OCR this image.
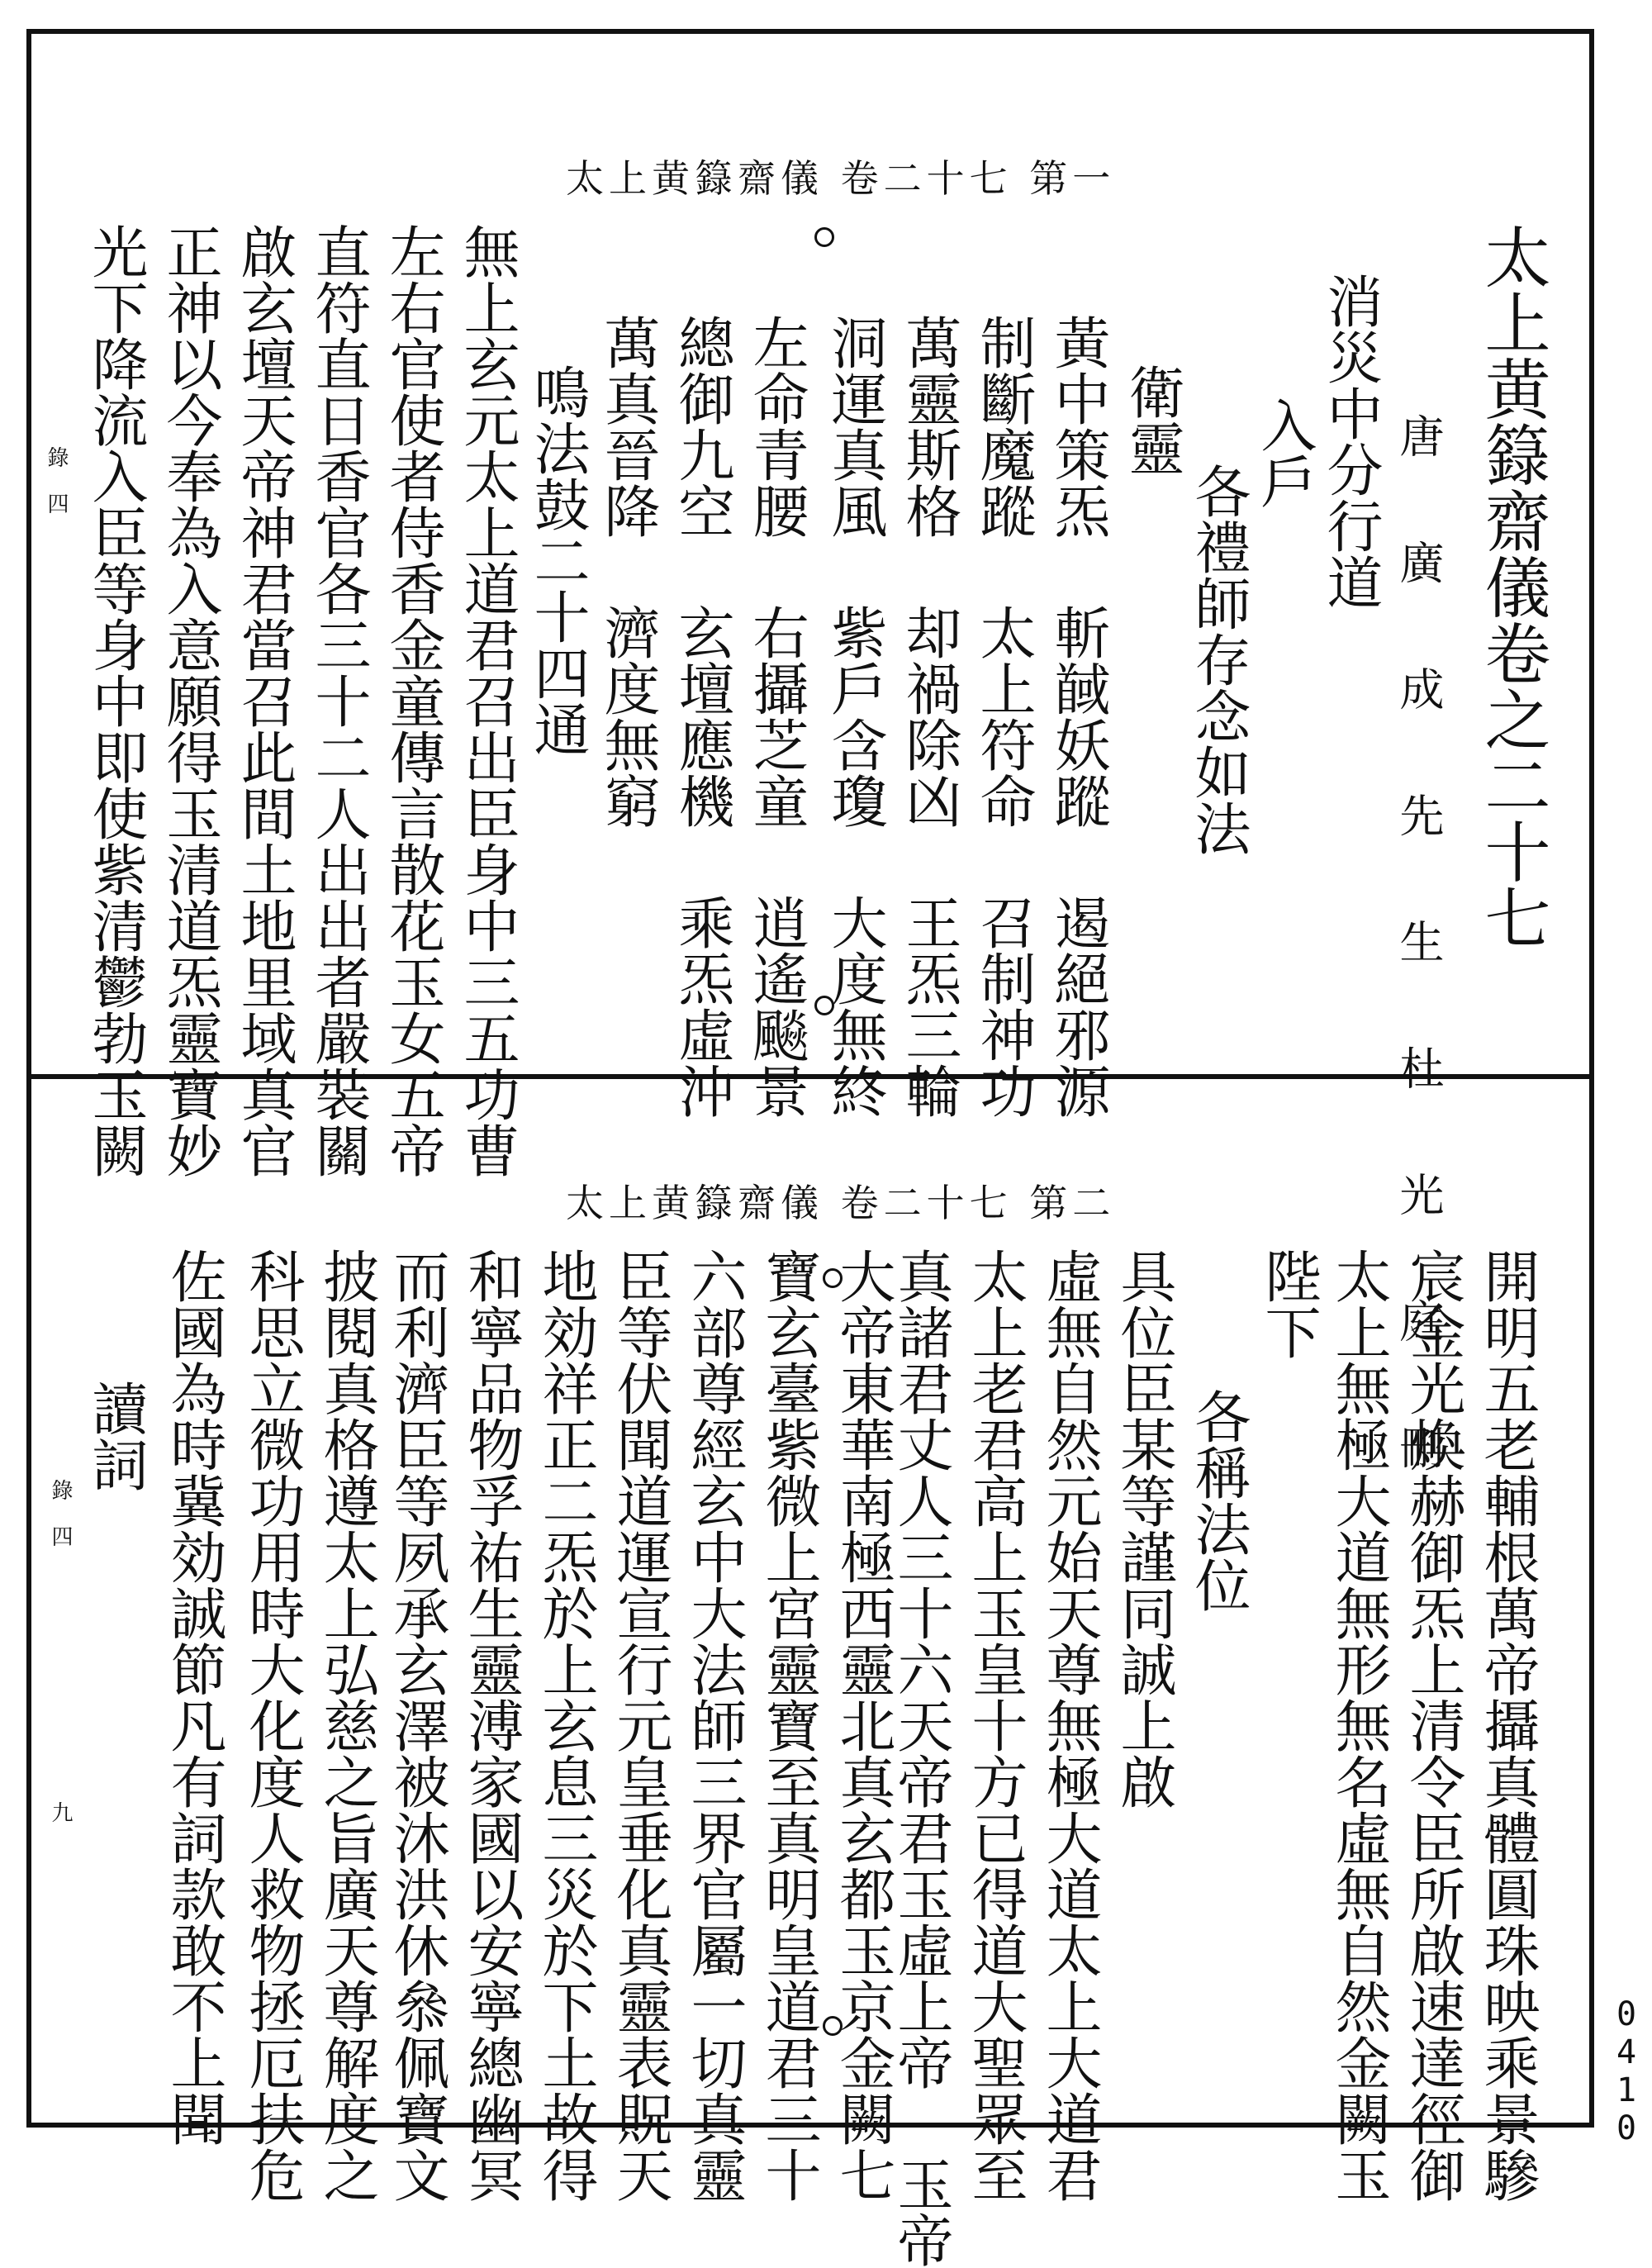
太上黄籙齋儀 卷二十七 第一
太上黄籙齋儀卷之二十七
唐 廣 成 先 生 杜 光 庭 刪
消災中分行道
入戶
各禮師存念如法
衛靈
黃中策炁 斬馘妖蹤 遏絕邪源
制斷魔蹤 太上符命 召制神功
萬靈斯格 却禍除凶 王炁三輪
洞運真風 紫戶含瓊 大度無終
左命青腰 右攝芝童 逍遙飈景
總御九空 玄壇應機 乘炁虛沖
萬真晉降 濟度無窮
鳴法鼓二十四通
無上玄元太上道君召出臣身中三五功曹
左右官使者侍香金童傳言散花玉女五帝
直符直日香官各三十二人出出者嚴裝關
啟玄壇天帝神君當召此間土地里域真官
正神以今奉為入意願得玉清道炁靈寶妙
光下降流入臣等身中即使紫清鬱勃玉闕
錄 四
太上黄籙齋儀 卷二十七 第二
開明五老輔根萬帝攝真體圓珠映乘景驂
宸金光煥赫御炁上清令臣所啟速達徑御
太上無極大道無形無名虛無自然金闕玉
陛下
各稱法位
具位臣某等謹同誠上啟
虛無自然元始天尊無極大道太上大道君
太上老君高上玉皇十方已得道大聖眾至
真諸君丈人三十六天帝君玉虛上帝 玉帝
大帝東華南極西靈北真玄都玉京金闕七
寶玄臺紫微上宮靈寶至真明皇道君三十
六部尊經玄中大法師三界官屬一切真靈
臣等伏聞道運宣行元皇垂化真靈表貺天
地効祥正二炁於上玄息三災於下土故得
和寧品物孚祐生靈溥家國以安寧總幽冥
而利濟臣等夙承玄澤被沐洪休叅佩寶文
披閱真格遵太上弘慈之旨廣天尊解度之
科思立微功用時大化度人救物拯厄扶危
佐國為時冀効誠節凡有詞款敢不上聞
讀詞
錄 四
九
0410
